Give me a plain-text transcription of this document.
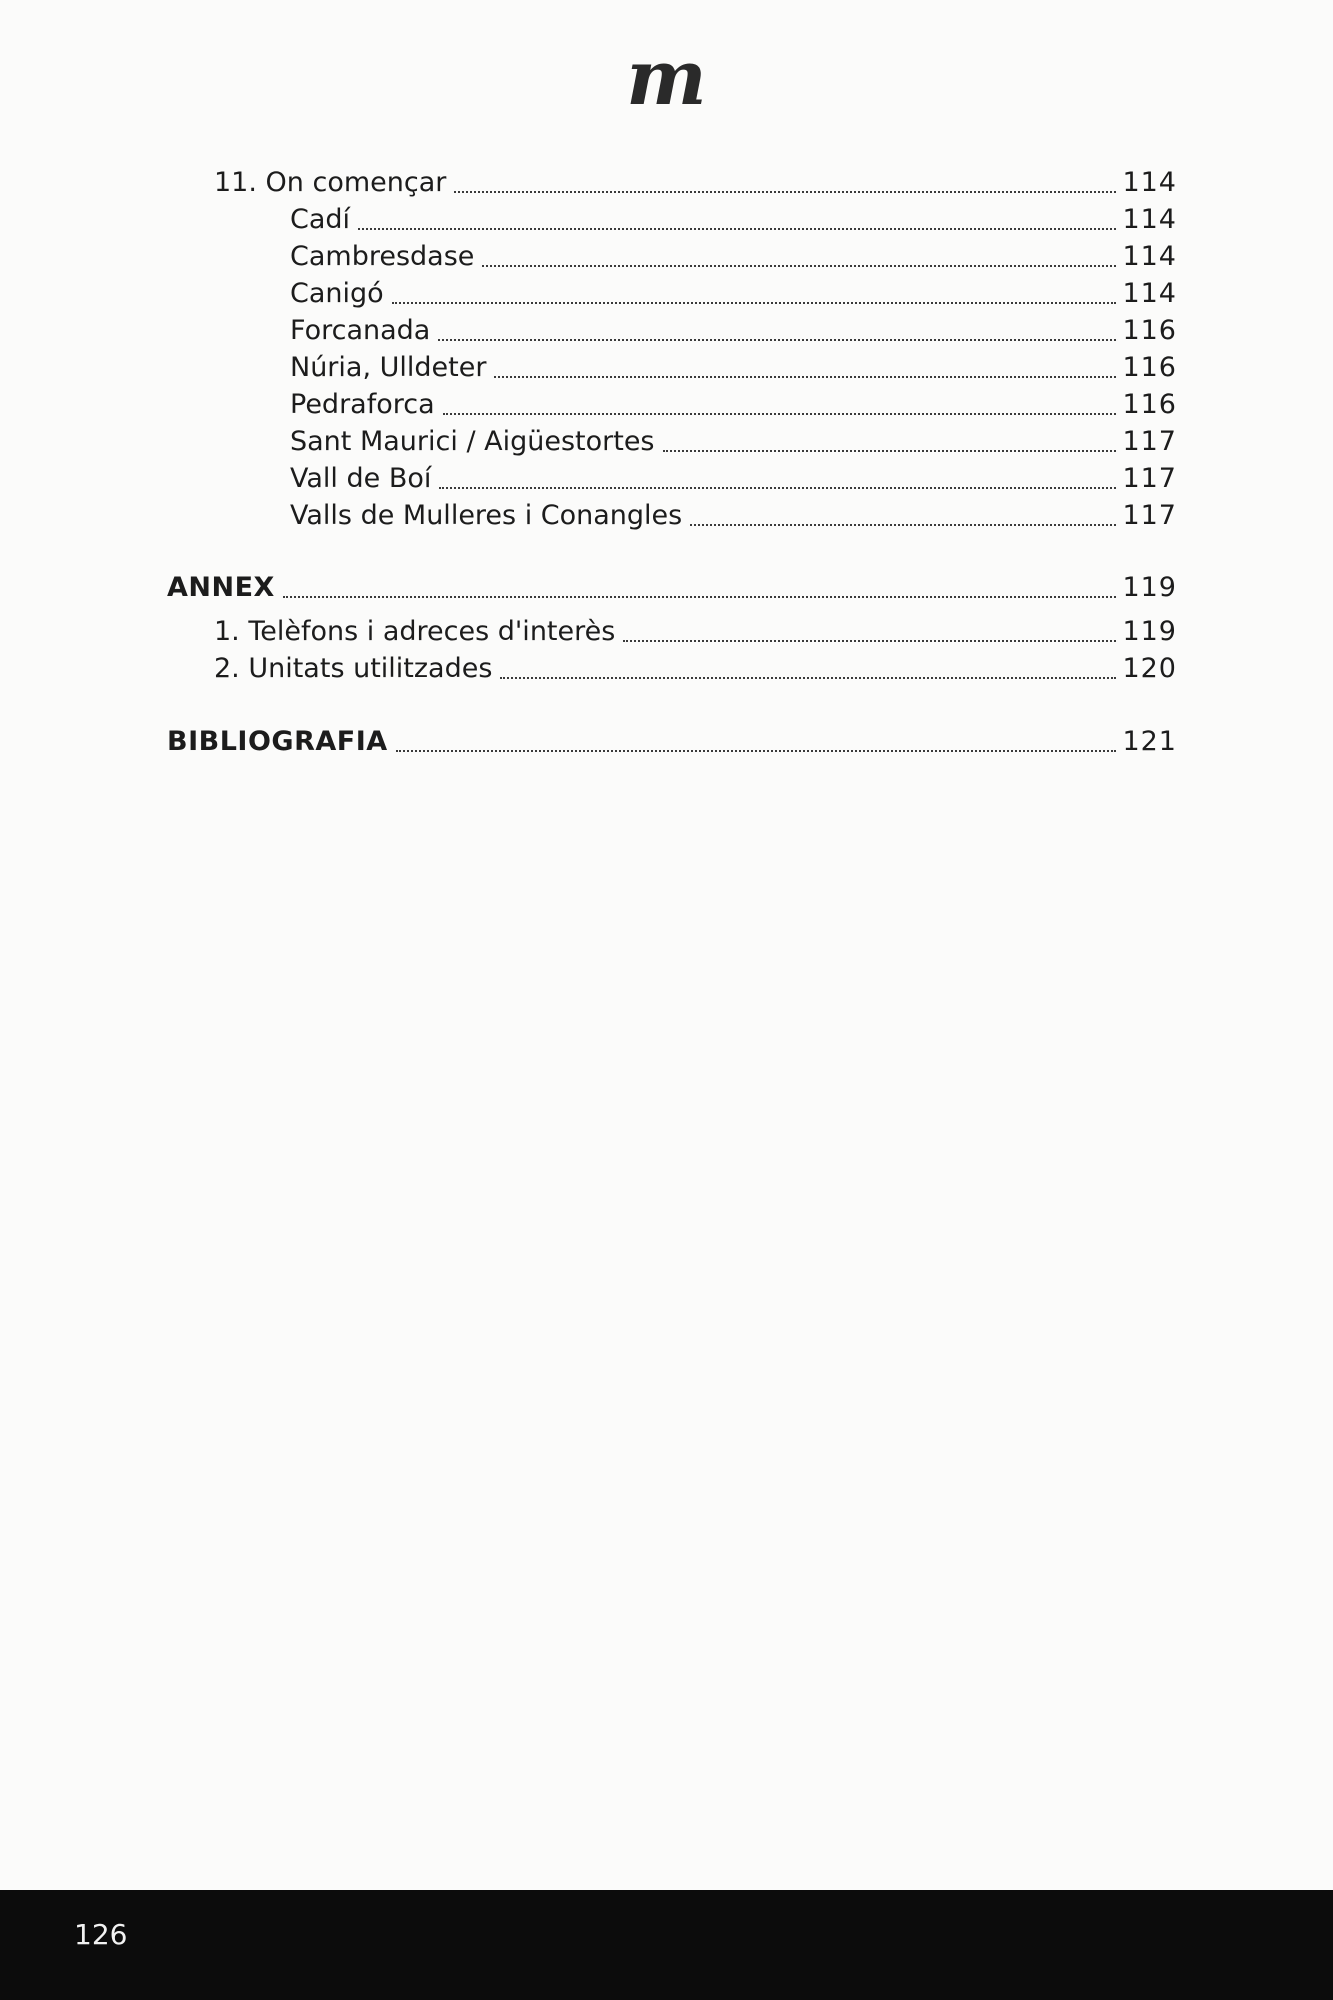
m
11. On començar	114
Cadí	114
Cambresdase	114
Canigó	114
Forcanada	116
Núria, Ulldeter	116
Pedraforca	116
Sant Maurici / Aigüestortes	117
Vall de Boí	117
Valls de Mulleres i Conangles	117
ANNEX	119
1. Telèfons i adreces d'interès	119
2. Unitats utilitzades	120
BIBLIOGRAFIA	121
126
